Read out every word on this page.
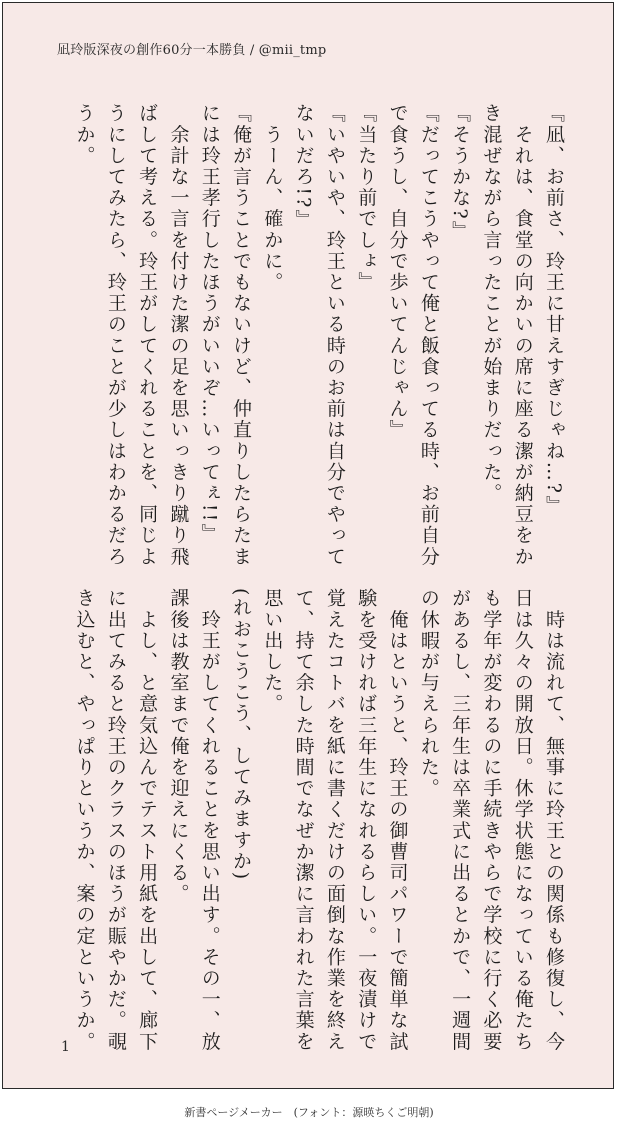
凪玲版深夜の創作60分一本勝負 / @mii_tmp

『凪、お前さ、玲王に甘えすぎじゃね…?』

　それは、食堂の向かいの席に座る潔が納豆をか

き混ぜながら言ったことが始まりだった。

『そうかな?』

『だってこうやって俺と飯食ってる時、お前自分

で食うし、自分で歩いてんじゃん』

『当たり前でしょ』

『いやいや、玲王といる時のお前は自分でやって

ないだろ!?』

　うーん、確かに。

『俺が言うことでもないけど、仲直りしたらたま

には玲王孝行したほうがいいぞ…いってぇ!!』

　余計な一言を付けた潔の足を思いっきり蹴り飛

ばして考える。玲王がしてくれることを、同じよ

うにしてみたら、玲王のことが少しはわかるだろ

うか。

　時は流れて、無事に玲王との関係も修復し、今

日は久々の開放日。休学状態になっている俺たち

も学年が変わるのに手続きやらで学校に行く必要

があるし、三年生は卒業式に出るとかで、一週間

の休暇が与えられた。

　俺はというと、玲王の御曹司パワーで簡単な試

験を受ければ三年生になれるらしい。一夜漬けで

覚えたコトバを紙に書くだけの面倒な作業を終え

て、持て余した時間でなぜか潔に言われた言葉を

思い出した。

(れおこうこう、してみますか)

　玲王がしてくれることを思い出す。その一、放

課後は教室まで俺を迎えにくる。

　よし、と意気込んでテスト用紙を出して、廊下

に出てみると玲王のクラスのほうが賑やかだ。覗

き込むと、やっぱりというか、案の定というか。

1
新書ページメーカー　(フォント：源暎ちくご明朝)
